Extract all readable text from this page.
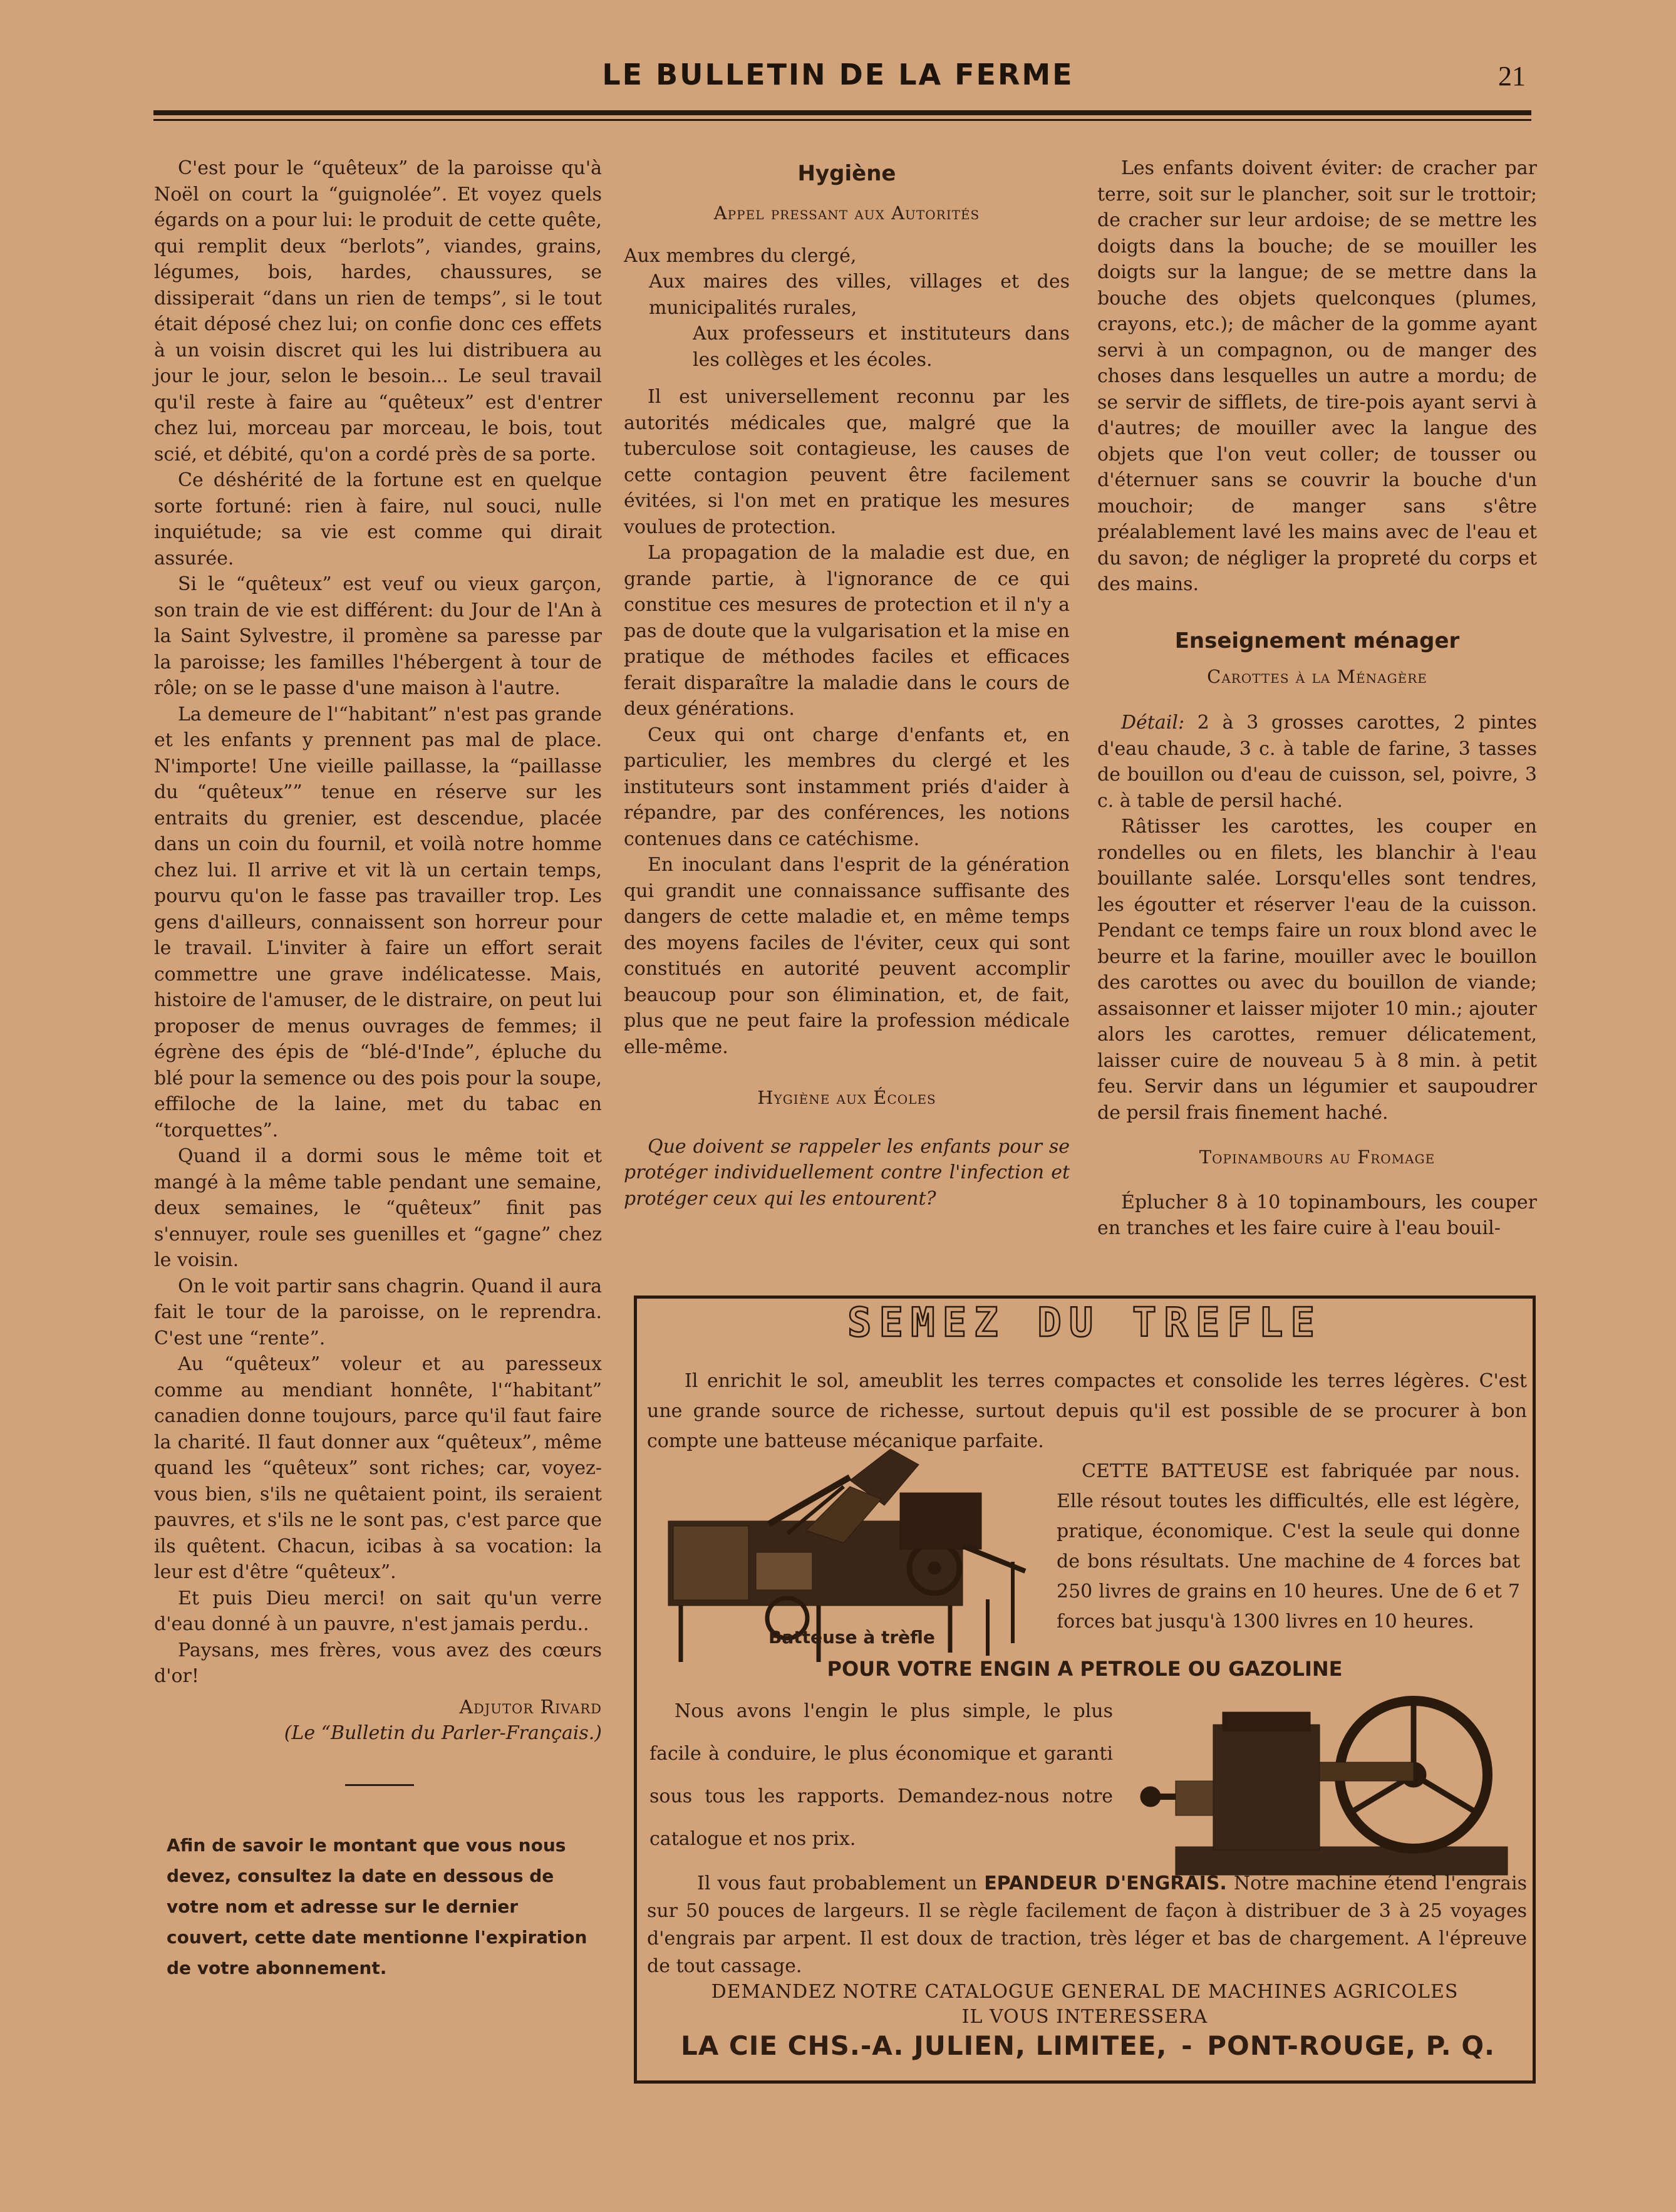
LE BULLETIN DE LA FERME	21

C'est pour le “quêteux” de la paroisse qu'à Noël on court la “guignolée”. Et voyez quels égards on a pour lui: le produit de cette quête, qui remplit deux “berlots”, viandes, grains, légumes, bois, hardes, chaussures, se dissiperait “dans un rien de temps”, si le tout était déposé chez lui; on confie donc ces effets à un voisin discret qui les lui distribuera au jour le jour, selon le besoin... Le seul travail qu'il reste à faire au “quêteux” est d'entrer chez lui, morceau par morceau, le bois, tout scié, et débité, qu'on a cordé près de sa porte.

Ce déshérité de la fortune est en quelque sorte fortuné: rien à faire, nul souci, nulle inquiétude; sa vie est comme qui dirait assurée.

Si le “quêteux” est veuf ou vieux garçon, son train de vie est différent: du Jour de l'An à la Saint Sylvestre, il promène sa paresse par la paroisse; les familles l'hébergent à tour de rôle; on se le passe d'une maison à l'autre.

La demeure de l'“habitant” n'est pas grande et les enfants y prennent pas mal de place. N'importe! Une vieille paillasse, la “paillasse du “quêteux”” tenue en réserve sur les entraits du grenier, est descendue, placée dans un coin du fournil, et voilà notre homme chez lui. Il arrive et vit là un certain temps, pourvu qu'on le fasse pas travailler trop. Les gens d'ailleurs, connaissent son horreur pour le travail. L'inviter à faire un effort serait commettre une grave indélicatesse. Mais, histoire de l'amuser, de le distraire, on peut lui proposer de menus ouvrages de femmes; il égrène des épis de “blé-d'Inde”, épluche du blé pour la semence ou des pois pour la soupe, effiloche de la laine, met du tabac en “torquettes”.

Quand il a dormi sous le même toit et mangé à la même table pendant une semaine, deux semaines, le “quêteux” finit pas s'ennuyer, roule ses guenilles et “gagne” chez le voisin.

On le voit partir sans chagrin. Quand il aura fait le tour de la paroisse, on le reprendra. C'est une “rente”.

Au “quêteux” voleur et au paresseux comme au mendiant honnête, l'“habitant” canadien donne toujours, parce qu'il faut faire la charité. Il faut donner aux “quêteux”, même quand les “quêteux” sont riches; car, voyez-vous bien, s'ils ne quêtaient point, ils seraient pauvres, et s'ils ne le sont pas, c'est parce que ils quêtent. Chacun, icibas à sa vocation: la leur est d'être “quêteux”.

Et puis Dieu merci! on sait qu'un verre d'eau donné à un pauvre, n'est jamais perdu..

Paysans, mes frères, vous avez des cœurs d'or!

Adjutor Rivard

(Le “Bulletin du Parler-Français.)

Afin de savoir le montant que vous nous devez, consultez la date en dessous de votre nom et adresse sur le dernier couvert, cette date mentionne l'expiration de votre abonnement.

Hygiène

Appel pressant aux Autorités

Aux membres du clergé,

Aux maires des villes, villages et des municipalités rurales,

Aux professeurs et instituteurs dans les collèges et les écoles.

Il est universellement reconnu par les autorités médicales que, malgré que la tuberculose soit contagieuse, les causes de cette contagion peuvent être facilement évitées, si l'on met en pratique les mesures voulues de protection.

La propagation de la maladie est due, en grande partie, à l'ignorance de ce qui constitue ces mesures de protection et il n'y a pas de doute que la vulgarisation et la mise en pratique de méthodes faciles et efficaces ferait disparaître la maladie dans le cours de deux générations.

Ceux qui ont charge d'enfants et, en particulier, les membres du clergé et les instituteurs sont instamment priés d'aider à répandre, par des conférences, les notions contenues dans ce catéchisme.

En inoculant dans l'esprit de la génération qui grandit une connaissance suffisante des dangers de cette maladie et, en même temps des moyens faciles de l'éviter, ceux qui sont constitués en autorité peuvent accomplir beaucoup pour son élimination, et, de fait, plus que ne peut faire la profession médicale elle-même.

Hygiène aux Écoles

Que doivent se rappeler les enfants pour se protéger individuellement contre l'infection et protéger ceux qui les entourent?

Les enfants doivent éviter: de cracher par terre, soit sur le plancher, soit sur le trottoir; de cracher sur leur ardoise; de se mettre les doigts dans la bouche; de se mouiller les doigts sur la langue; de se mettre dans la bouche des objets quelconques (plumes, crayons, etc.); de mâcher de la gomme ayant servi à un compagnon, ou de manger des choses dans lesquelles un autre a mordu; de se servir de sifflets, de tire-pois ayant servi à d'autres; de mouiller avec la langue des objets que l'on veut coller; de tousser ou d'éternuer sans se couvrir la bouche d'un mouchoir; de manger sans s'être préalablement lavé les mains avec de l'eau et du savon; de négliger la propreté du corps et des mains.

Enseignement ménager

Carottes à la Ménagère

Détail: 2 à 3 grosses carottes, 2 pintes d'eau chaude, 3 c. à table de farine, 3 tasses de bouillon ou d'eau de cuisson, sel, poivre, 3 c. à table de persil haché.

Râtisser les carottes, les couper en rondelles ou en filets, les blanchir à l'eau bouillante salée. Lorsqu'elles sont tendres, les égoutter et réserver l'eau de la cuisson. Pendant ce temps faire un roux blond avec le beurre et la farine, mouiller avec le bouillon des carottes ou avec du bouillon de viande; assaisonner et laisser mijoter 10 min.; ajouter alors les carottes, remuer délicatement, laisser cuire de nouveau 5 à 8 min. à petit feu. Servir dans un légumier et saupoudrer de persil frais finement haché.

Topinambours au Fromage

Éplucher 8 à 10 topinambours, les couper en tranches et les faire cuire à l'eau bouil-

SEMEZ DU TREFLE
Il enrichit le sol, ameublit les terres compactes et consolide les terres légères. C'est une grande source de richesse, surtout depuis qu'il est possible de se procurer à bon compte une batteuse mécanique parfaite.
Batteuse à trèfle
CETTE BATTEUSE est fabriquée par nous. Elle résout toutes les difficultés, elle est légère, pratique, économique. C'est la seule qui donne de bons résultats. Une machine de 4 forces bat 250 livres de grains en 10 heures. Une de 6 et 7 forces bat jusqu'à 1300 livres en 10 heures.
POUR VOTRE ENGIN A PETROLE OU GAZOLINE
Nous avons l'engin le plus simple, le plus facile à conduire, le plus économique et garanti sous tous les rapports. Demandez-nous notre catalogue et nos prix.
Il vous faut probablement un EPANDEUR D'ENGRAIS. Notre machine étend l'engrais sur 50 pouces de largeurs. Il se règle facilement de façon à distribuer de 3 à 25 voyages d'engrais par arpent. Il est doux de traction, très léger et bas de chargement. A l'épreuve de tout cassage.
DEMANDEZ NOTRE CATALOGUE GENERAL DE MACHINES AGRICOLES
IL VOUS INTERESSERA
LA CIE CHS.-A. JULIEN, LIMITEE, - PONT-ROUGE, P. Q.
